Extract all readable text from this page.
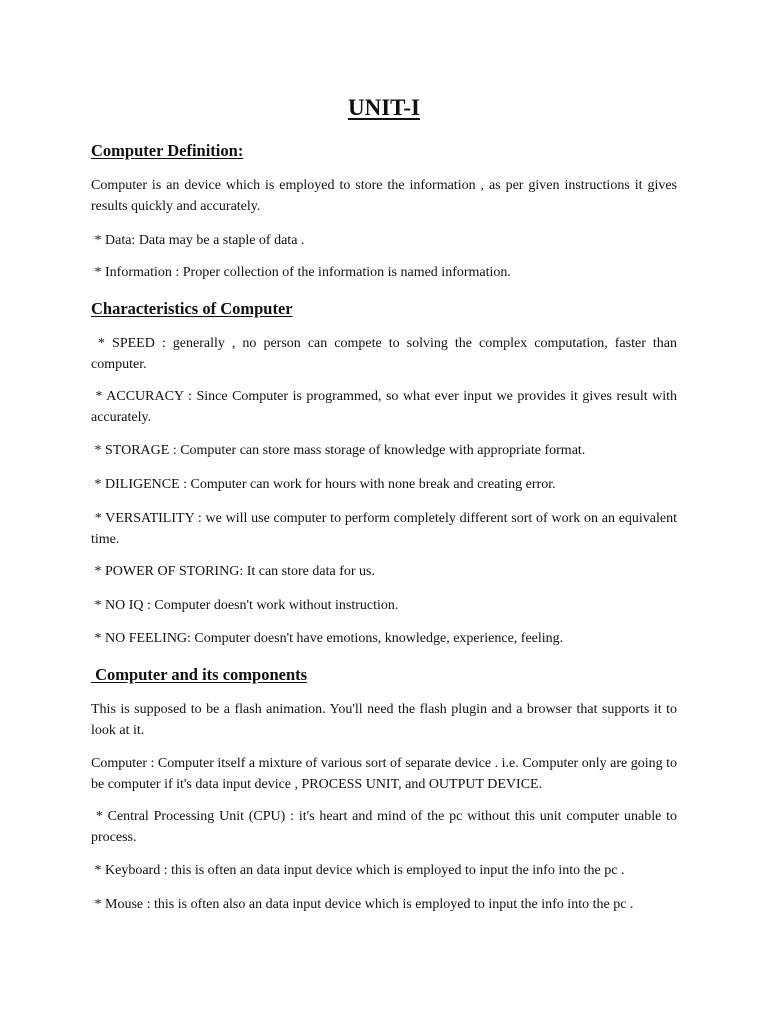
UNIT-I
Computer Definition:

Computer is an device which is employed to store the information , as per given instructions it gives results quickly and accurately.

* Data: Data may be a staple of data .

* Information : Proper collection of the information is named information.

Characteristics of Computer

* SPEED : generally , no person can compete to solving the complex computation, faster than computer.

* ACCURACY : Since Computer is programmed, so what ever input we provides it gives result with accurately.

* STORAGE : Computer can store mass storage of knowledge with appropriate format.

* DILIGENCE : Computer can work for hours with none break and creating error.

* VERSATILITY : we will use computer to perform completely different sort of work on an equivalent time.

* POWER OF STORING: It can store data for us.

* NO IQ : Computer doesn't work without instruction.

* NO FEELING: Computer doesn't have emotions, knowledge, experience, feeling.

Computer and its components

This is supposed to be a flash animation. You'll need the flash plugin and a browser that supports it to look at it.

Computer : Computer itself a mixture of various sort of separate device . i.e. Computer only are going to be computer if it's data input device , PROCESS UNIT, and OUTPUT DEVICE.

* Central Processing Unit (CPU) : it's heart and mind of the pc without this unit computer unable to process.

* Keyboard : this is often an data input device which is employed to input the info into the pc .

* Mouse : this is often also an data input device which is employed to input the info into the pc .
